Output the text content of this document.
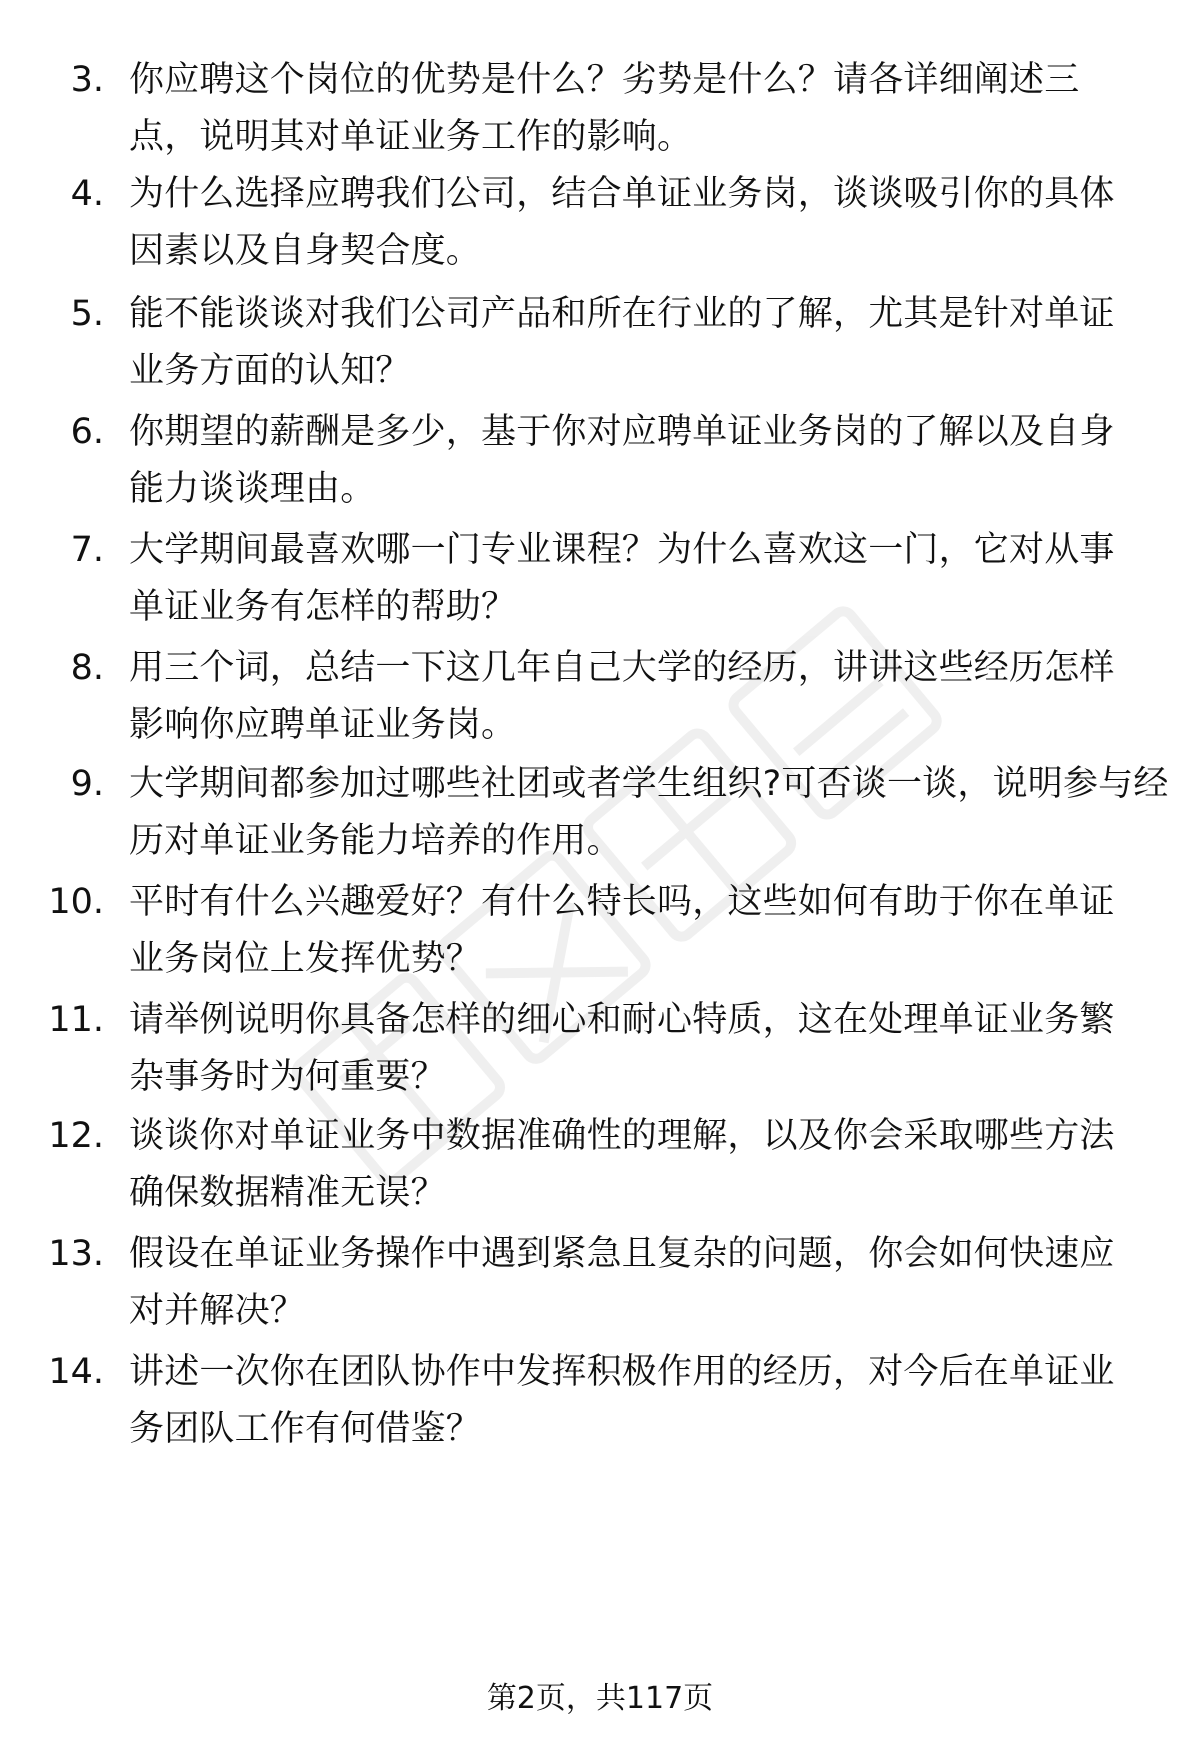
3. 你应聘这个岗位的优势是什么？劣势是什么？请各详细阐述三点，说明其对单证业务工作的影响。
4. 为什么选择应聘我们公司，结合单证业务岗，谈谈吸引你的具体因素以及自身契合度。
5. 能不能谈谈对我们公司产品和所在行业的了解，尤其是针对单证业务方面的认知？
6. 你期望的薪酬是多少，基于你对应聘单证业务岗的了解以及自身能力谈谈理由。
7. 大学期间最喜欢哪一门专业课程？为什么喜欢这一门，它对从事单证业务有怎样的帮助？
8. 用三个词，总结一下这几年自己大学的经历，讲讲这些经历怎样影响你应聘单证业务岗。
9. 大学期间都参加过哪些社团或者学生组织?可否谈一谈，说明参与经历对单证业务能力培养的作用。
10. 平时有什么兴趣爱好？有什么特长吗，这些如何有助于你在单证业务岗位上发挥优势？
11. 请举例说明你具备怎样的细心和耐心特质，这在处理单证业务繁杂事务时为何重要？
12. 谈谈你对单证业务中数据准确性的理解，以及你会采取哪些方法确保数据精准无误？
13. 假设在单证业务操作中遇到紧急且复杂的问题，你会如何快速应对并解决？
14. 讲述一次你在团队协作中发挥积极作用的经历，对今后在单证业务团队工作有何借鉴？
第2页，共117页
